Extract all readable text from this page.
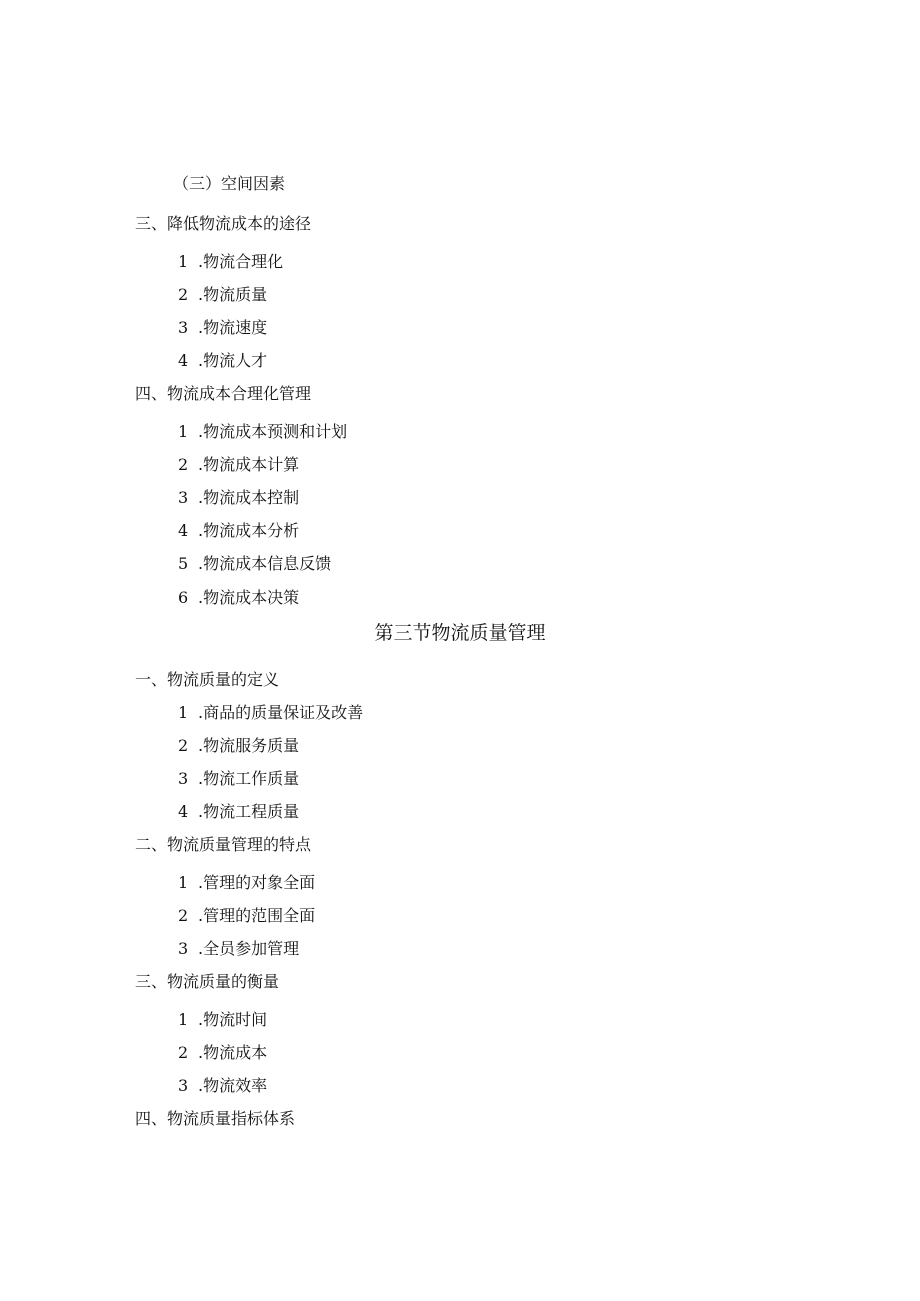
（三）空间因素
三、降低物流成本的途径
1 .物流合理化
2 .物流质量
3 .物流速度
4 .物流人才
四、物流成本合理化管理
1 .物流成本预测和计划
2 .物流成本计算
3 .物流成本控制
4 .物流成本分析
5 .物流成本信息反馈
6 .物流成本决策
第三节物流质量管理
一、物流质量的定义
1 .商品的质量保证及改善
2 .物流服务质量
3 .物流工作质量
4 .物流工程质量
二、物流质量管理的特点
1 .管理的对象全面
2 .管理的范围全面
3 .全员参加管理
三、物流质量的衡量
1 .物流时间
2 .物流成本
3 .物流效率
四、物流质量指标体系
